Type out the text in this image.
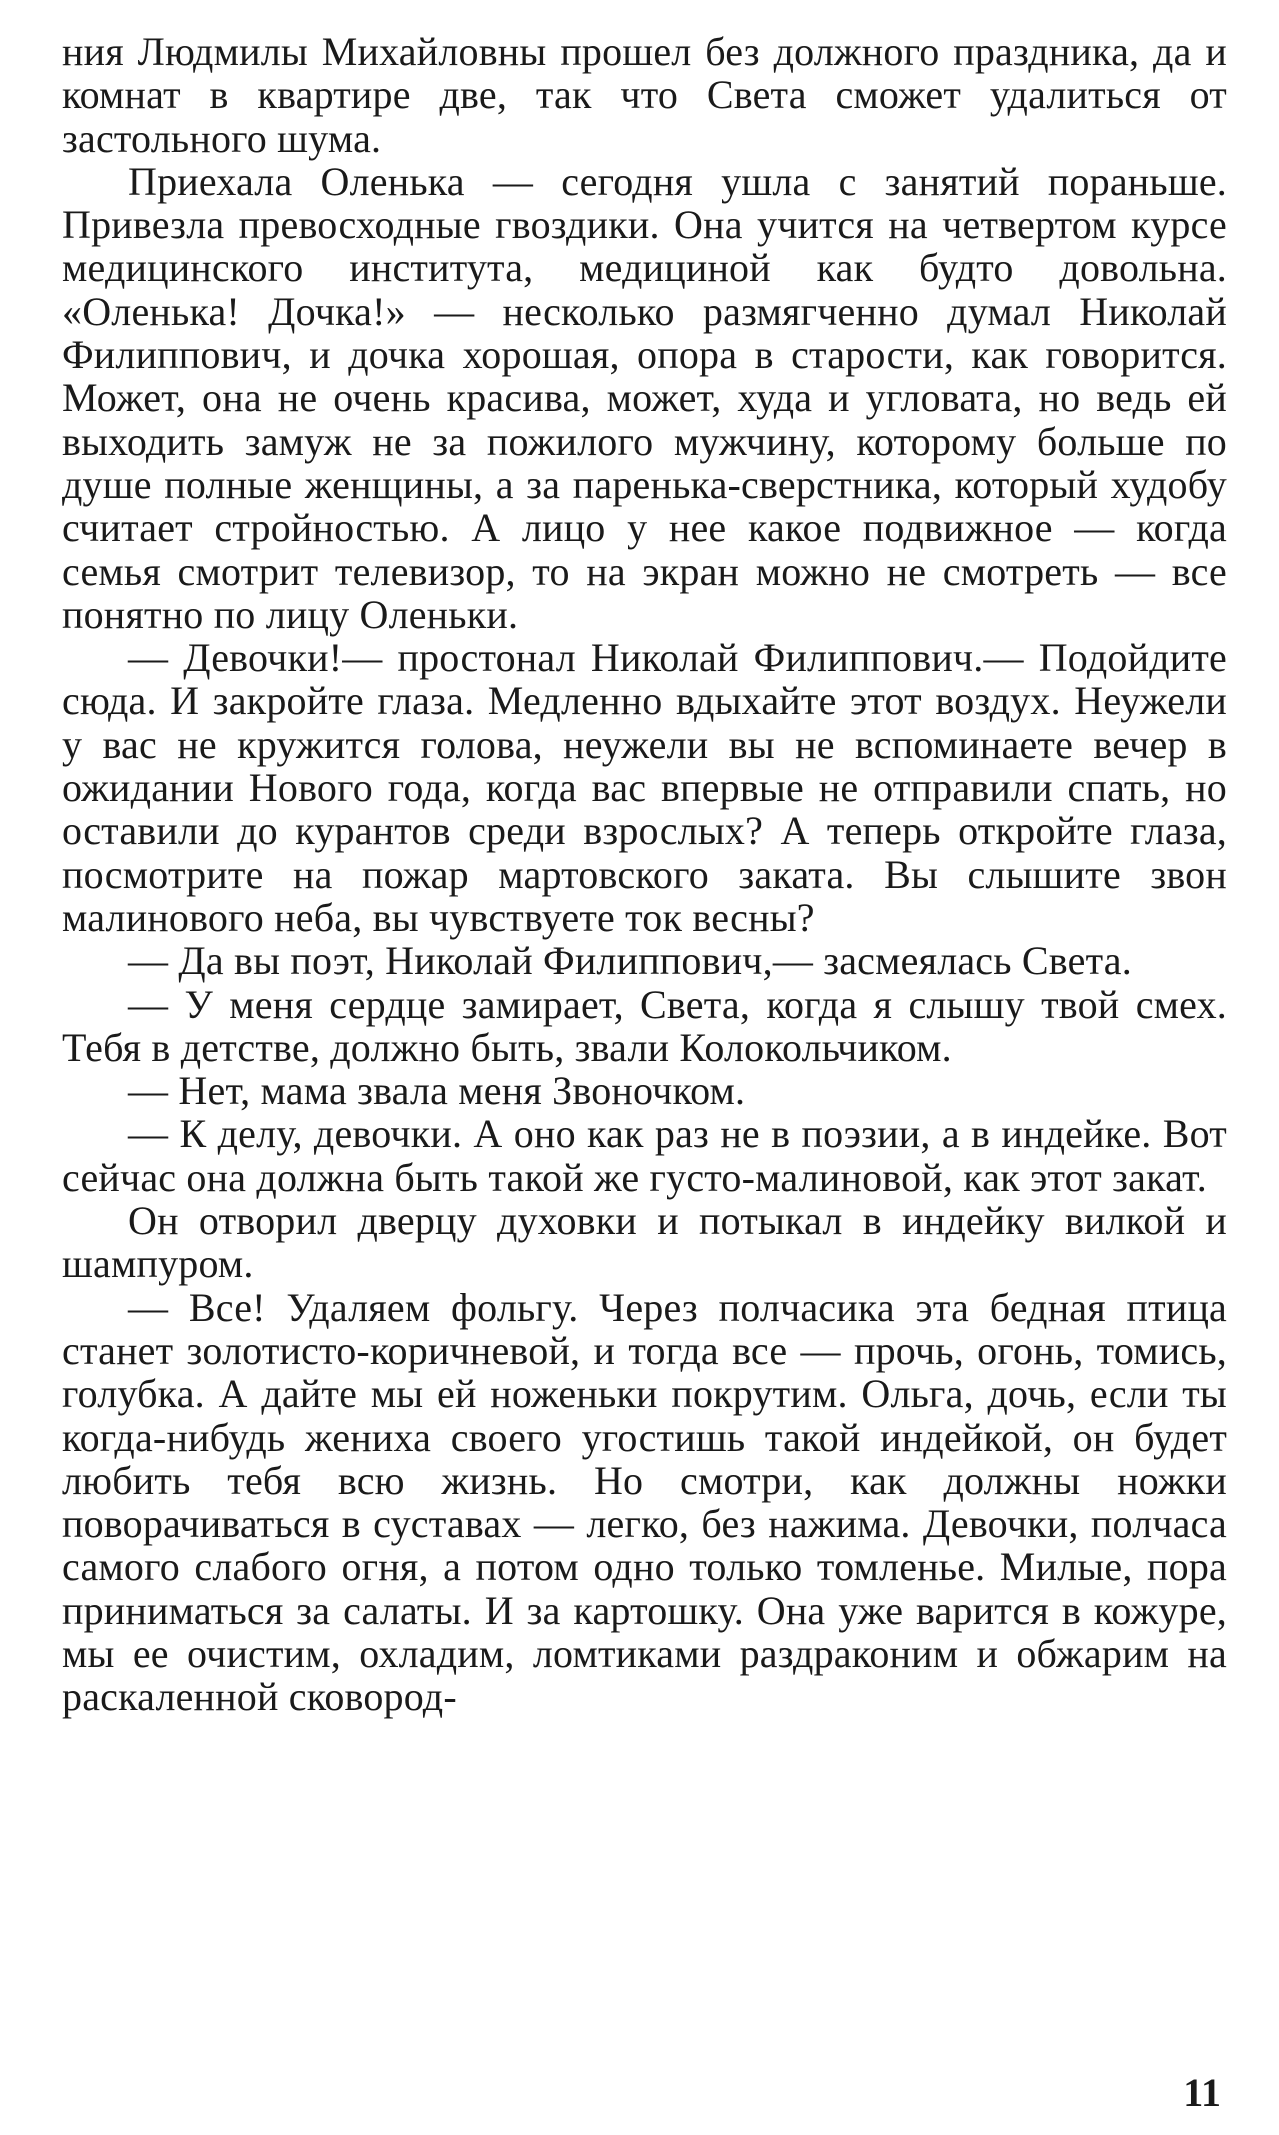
ния Людмилы Михайловны прошел без должного праздника, да и комнат в квартире две, так что Света сможет удалиться от застольного шума.

Приехала Оленька — сегодня ушла с занятий пораньше. Привезла превосходные гвоздики. Она учится на четвертом курсе медицинского института, медициной как будто довольна. «Оленька! Дочка!» — несколько размягченно думал Николай Филиппович, и дочка хорошая, опора в старости, как говорится. Может, она не очень красива, может, худа и угловата, но ведь ей выходить замуж не за пожилого мужчину, которому больше по душе полные женщины, а за паренька-сверстника, который худобу считает стройностью. А лицо у нее какое подвижное — когда семья смотрит телевизор, то на экран можно не смотреть — все понятно по лицу Оленьки.

— Девочки!— простонал Николай Филиппович.— Подойдите сюда. И закройте глаза. Медленно вдыхайте этот воздух. Неужели у вас не кружится голова, неужели вы не вспоминаете вечер в ожидании Нового года, когда вас впервые не отправили спать, но оставили до курантов среди взрослых? А теперь откройте глаза, посмотрите на пожар мартовского заката. Вы слышите звон малинового неба, вы чувствуете ток весны?

— Да вы поэт, Николай Филиппович,— засмеялась Света.

— У меня сердце замирает, Света, когда я слышу твой смех. Тебя в детстве, должно быть, звали Колокольчиком.

— Нет, мама звала меня Звоночком.

— К делу, девочки. А оно как раз не в поэзии, а в индейке. Вот сейчас она должна быть такой же густо-малиновой, как этот закат.

Он отворил дверцу духовки и потыкал в индейку вилкой и шампуром.

— Все! Удаляем фольгу. Через полчасика эта бедная птица станет золотисто-коричневой, и тогда все — прочь, огонь, томись, голубка. А дайте мы ей ноженьки покрутим. Ольга, дочь, если ты когда-нибудь жениха своего угостишь такой индейкой, он будет любить тебя всю жизнь. Но смотри, как должны ножки поворачиваться в суставах — легко, без нажима. Девочки, полчаса самого слабого огня, а потом одно только томленье. Милые, пора приниматься за салаты. И за картошку. Она уже варится в кожуре, мы ее очистим, охладим, ломтиками раздраконим и обжарим на раскаленной сковород-

11
